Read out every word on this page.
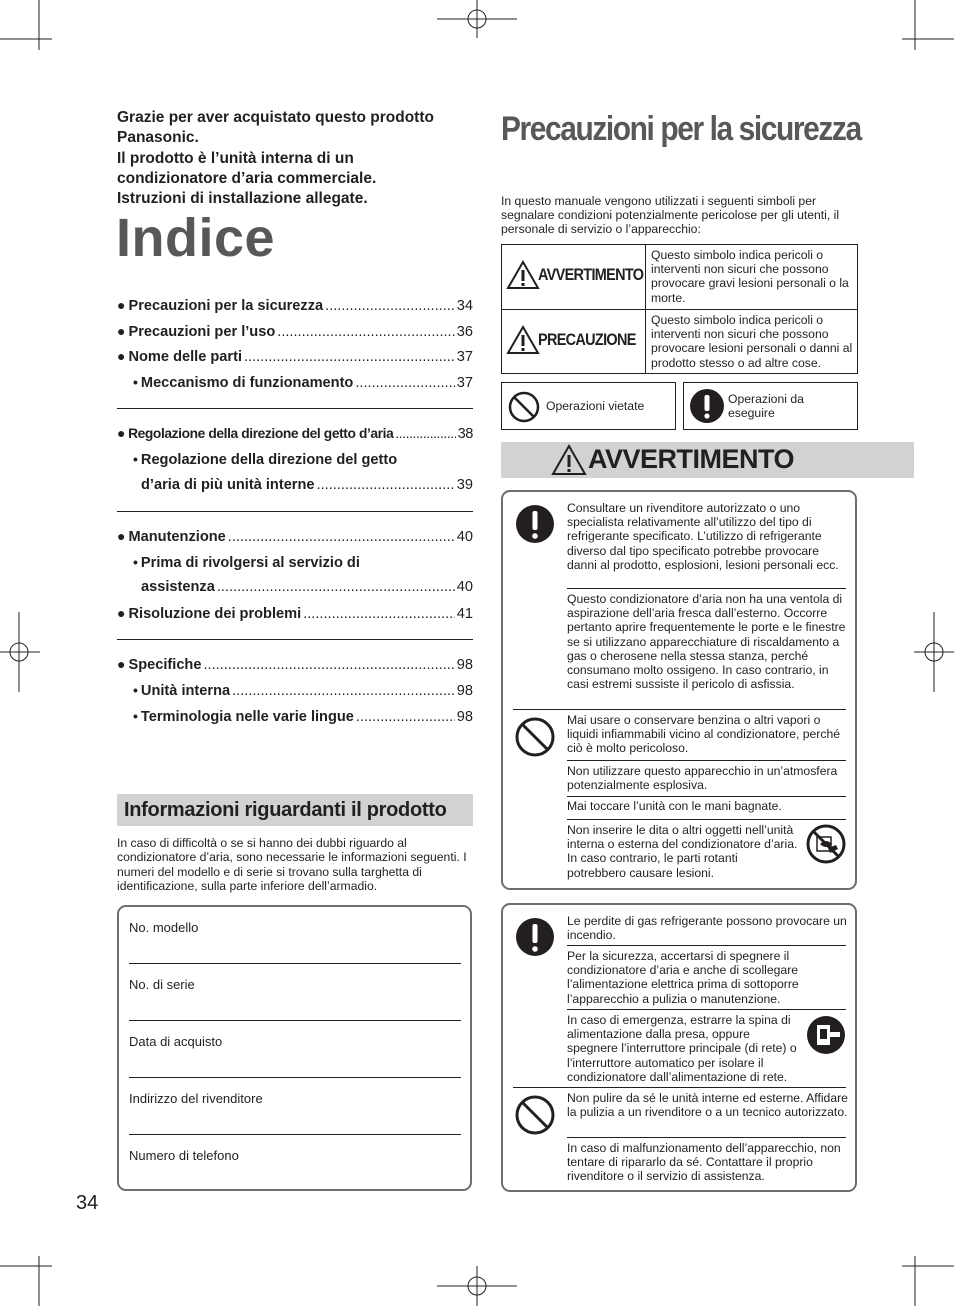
Grazie per aver acquistato questo prodotto
Panasonic.
Il prodotto è l’unità interna di un
condizionatore d’aria commerciale.
Istruzioni di installazione allegate.
Indice
● Precauzioni per la sicurezza .....	34
● Precauzioni per l’uso .....	36
● Nome delle parti .....	37
• Meccanismo di funzionamento .....	37
● Regolazione della direzione del getto d’aria .....	38
• Regolazione della direzione del getto
d’aria di più unità interne .....	39
● Manutenzione .....	40
• Prima di rivolgersi al servizio di
assistenza .....	40
● Risoluzione dei problemi .....	41
● Specifiche .....	98
• Unità interna .....	98
• Terminologia nelle varie lingue .....	98
Informazioni riguardanti il prodotto
In caso di difficoltà o se si hanno dei dubbi riguardo al condizionatore d’aria, sono necessarie le informazioni seguenti. I numeri del modello e di serie si trovano sulla targhetta di identificazione, sulla parte inferiore dell’armadio.
No. modello
No. di serie
Data di acquisto
Indirizzo del rivenditore
Numero di telefono
34
Precauzioni per la sicurezza
In questo manuale vengono utilizzati i seguenti simboli per segnalare condizioni potenzialmente pericolose per gli utenti, il personale di servizio o l’apparecchio:
AVVERTIMENTO
Questo simbolo indica pericoli o interventi non sicuri che possono provocare gravi lesioni personali o la morte.
PRECAUZIONE
Questo simbolo indica pericoli o interventi non sicuri che possono provocare lesioni personali o danni al prodotto stesso o ad altre cose.
Operazioni vietate	Operazioni da eseguire
AVVERTIMENTO
Consultare un rivenditore autorizzato o uno specialista relativamente all’utilizzo del tipo di refrigerante specificato. L’utilizzo di refrigerante diverso dal tipo specificato potrebbe provocare danni al prodotto, esplosioni, lesioni personali ecc.
Questo condizionatore d’aria non ha una ventola di aspirazione dell’aria fresca dall’esterno. Occorre pertanto aprire frequentemente le porte e le finestre se si utilizzano apparecchiature di riscaldamento a gas o cherosene nella stessa stanza, perché consumano molto ossigeno. In caso contrario, in casi estremi sussiste il pericolo di asfissia.
Mai usare o conservare benzina o altri vapori o liquidi infiammabili vicino al condizionatore, perché ciò è molto pericoloso.
Non utilizzare questo apparecchio in un’atmosfera potenzialmente esplosiva.
Mai toccare l’unità con le mani bagnate.
Non inserire le dita o altri oggetti nell’unità interna o esterna del condizionatore d’aria. In caso contrario, le parti rotanti potrebbero causare lesioni.
Le perdite di gas refrigerante possono provocare un incendio.
Per la sicurezza, accertarsi di spegnere il condizionatore d’aria e anche di scollegare l’alimentazione elettrica prima di sottoporre l’apparecchio a pulizia o manutenzione.
In caso di emergenza, estrarre la spina di alimentazione dalla presa, oppure spegnere l’interruttore principale (di rete) o l’interruttore automatico per isolare il condizionatore dall’alimentazione di rete.
Non pulire da sé le unità interne ed esterne. Affidare la pulizia a un rivenditore o a un tecnico autorizzato.
In caso di malfunzionamento dell’apparecchio, non tentare di ripararlo da sé. Contattare il proprio rivenditore o il servizio di assistenza.
